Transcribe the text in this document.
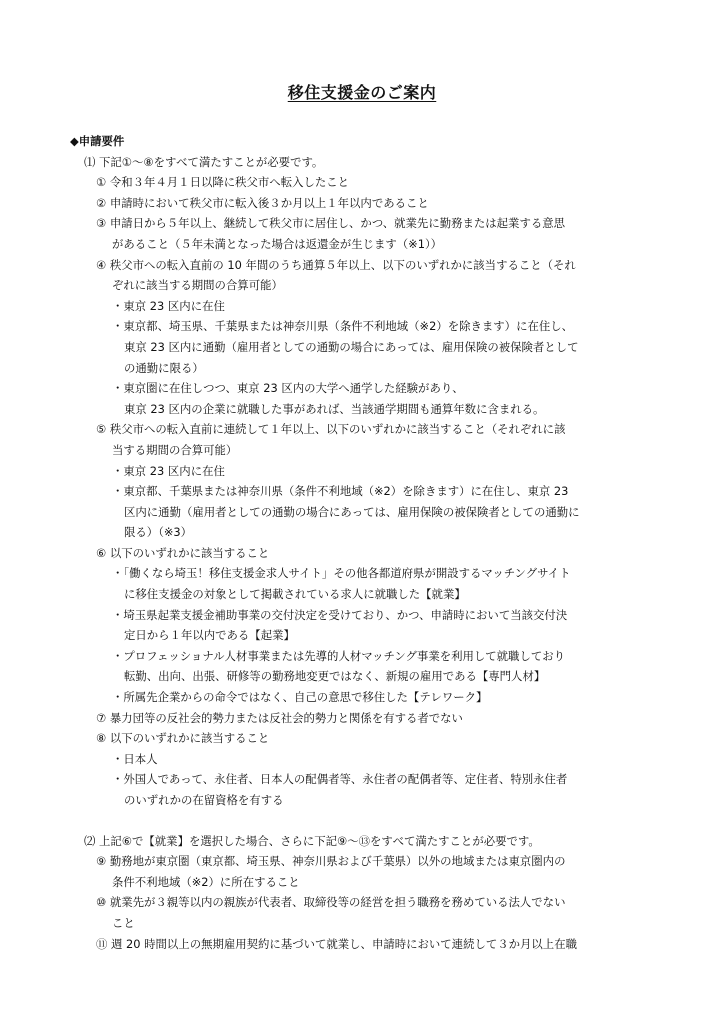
移住支援金のご案内
◆申請要件
⑴ 下記①～⑧をすべて満たすことが必要です。
① 令和３年４月１日以降に秩父市へ転入したこと
② 申請時において秩父市に転入後３か月以上１年以内であること
③ 申請日から５年以上、継続して秩父市に居住し、かつ、就業先に勤務または起業する意思
があること（５年未満となった場合は返還金が生じます（※1））
④ 秩父市への転入直前の 10 年間のうち通算５年以上、以下のいずれかに該当すること（それ
ぞれに該当する期間の合算可能）
・東京 23 区内に在住
・東京都、埼玉県、千葉県または神奈川県（条件不利地域（※2）を除きます）に在住し、
東京 23 区内に通勤（雇用者としての通勤の場合にあっては、雇用保険の被保険者として
の通勤に限る）
・東京圏に在住しつつ、東京 23 区内の大学へ通学した経験があり、
東京 23 区内の企業に就職した事があれば、当該通学期間も通算年数に含まれる。
⑤ 秩父市への転入直前に連続して１年以上、以下のいずれかに該当すること（それぞれに該
当する期間の合算可能）
・東京 23 区内に在住
・東京都、千葉県または神奈川県（条件不利地域（※2）を除きます）に在住し、東京 23
区内に通勤（雇用者としての通勤の場合にあっては、雇用保険の被保険者としての通勤に
限る）（※3）
⑥ 以下のいずれかに該当すること
・「働くなら埼玉！移住支援金求人サイト」その他各都道府県が開設するマッチングサイト
に移住支援金の対象として掲載されている求人に就職した【就業】
・埼玉県起業支援金補助事業の交付決定を受けており、かつ、申請時において当該交付決
定日から１年以内である【起業】
・プロフェッショナル人材事業または先導的人材マッチング事業を利用して就職しており
転勤、出向、出張、研修等の勤務地変更ではなく、新規の雇用である【専門人材】
・所属先企業からの命令ではなく、自己の意思で移住した【テレワーク】
⑦ 暴力団等の反社会的勢力または反社会的勢力と関係を有する者でない
⑧ 以下のいずれかに該当すること
・日本人
・外国人であって、永住者、日本人の配偶者等、永住者の配偶者等、定住者、特別永住者
のいずれかの在留資格を有する
⑵ 上記⑥で【就業】を選択した場合、さらに下記⑨～⑬をすべて満たすことが必要です。
⑨ 勤務地が東京圏（東京都、埼玉県、神奈川県および千葉県）以外の地域または東京圏内の
条件不利地域（※2）に所在すること
⑩ 就業先が３親等以内の親族が代表者、取締役等の経営を担う職務を務めている法人でない
こと
⑪ 週 20 時間以上の無期雇用契約に基づいて就業し、申請時において連続して３か月以上在職
